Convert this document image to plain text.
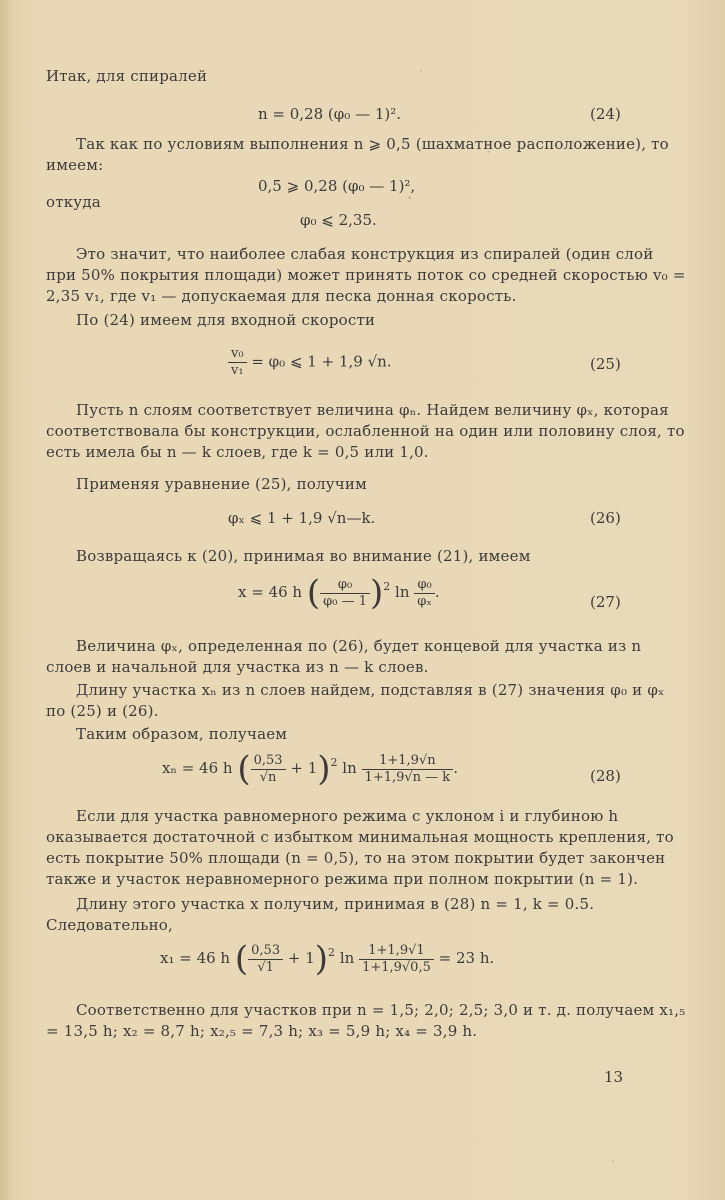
Итак, для спиралей

n = 0,28 (φ₀ — 1)².	(24)

Так как по условиям выполнения n ⩾ 0,5 (шахматное расположение), то имеем:

0,5 ⩾ 0,28 (φ₀ — 1)²,

откуда

φ₀ ⩽ 2,35.

Это значит, что наиболее слабая конструкция из спиралей (один слой при 50% покрытия площади) может принять поток со средней скоростью v₀ = 2,35 v₁, где v₁ — допускаемая для песка донная скорость.

По (24) имеем для входной скорости

$\frac{\text{v₀}}{\text{v₁}} = \varphi_0$ ⩽ 1 + 1,9 √n.	(25)

Пусть n слоям соответствует величина φₙ. Найдем величину φₓ, которая соответствовала бы конструкции, ослабленной на один или половину слоя, то есть имела бы n — k слоев, где k = 0,5 или 1,0.

Применяя уравнение (25), получим

φₓ ⩽ 1 + 1,9 √n—k.	(26)

Возвращаясь к (20), принимая во внимание (21), имеем

x = 46 h ( $\frac{\text{φ₀}}{\text{φ₀ — 1}} )^2$ $\ln \frac{\text{φ₀}}{\text{φₓ}}$ .
(27)

Величина φₓ, определенная по (26), будет концевой для участка из n слоев и начальной для участка из n — k слоев.

Длину участка xₙ из n слоев найдем, подставляя в (27) значения φ₀ и φₓ по (25) и (26).

Таким образом, получаем

xₙ = 46 h ( $\frac{0,53}{√n} + 1)^2$ $\ln \frac{1+1,9√n}{1+1,9√n — k}$ .	(28)

Если для участка равномерного режима с уклоном i и глубиною h оказывается достаточной с избытком минимальная мощность крепления, то есть покрытие 50% площади (n = 0,5), то на этом покрытии будет закончен также и участок неравномерного режима при полном покрытии (n = 1).

Длину этого участка x получим, принимая в (28) n = 1, k = 0.5. Следовательно,

x₁ = 46 h ( $\frac{0,53}{√1} + 1)^2$ $\ln \frac{1+1,9√1}{1+1,9√0,5} = 23$ h.

Соответственно для участков при n = 1,5; 2,0; 2,5; 3,0 и т. д. получаем x₁,₅ = 13,5 h; x₂ = 8,7 h; x₂,₅ = 7,3 h; x₃ = 5,9 h; x₄ = 3,9 h.

13
